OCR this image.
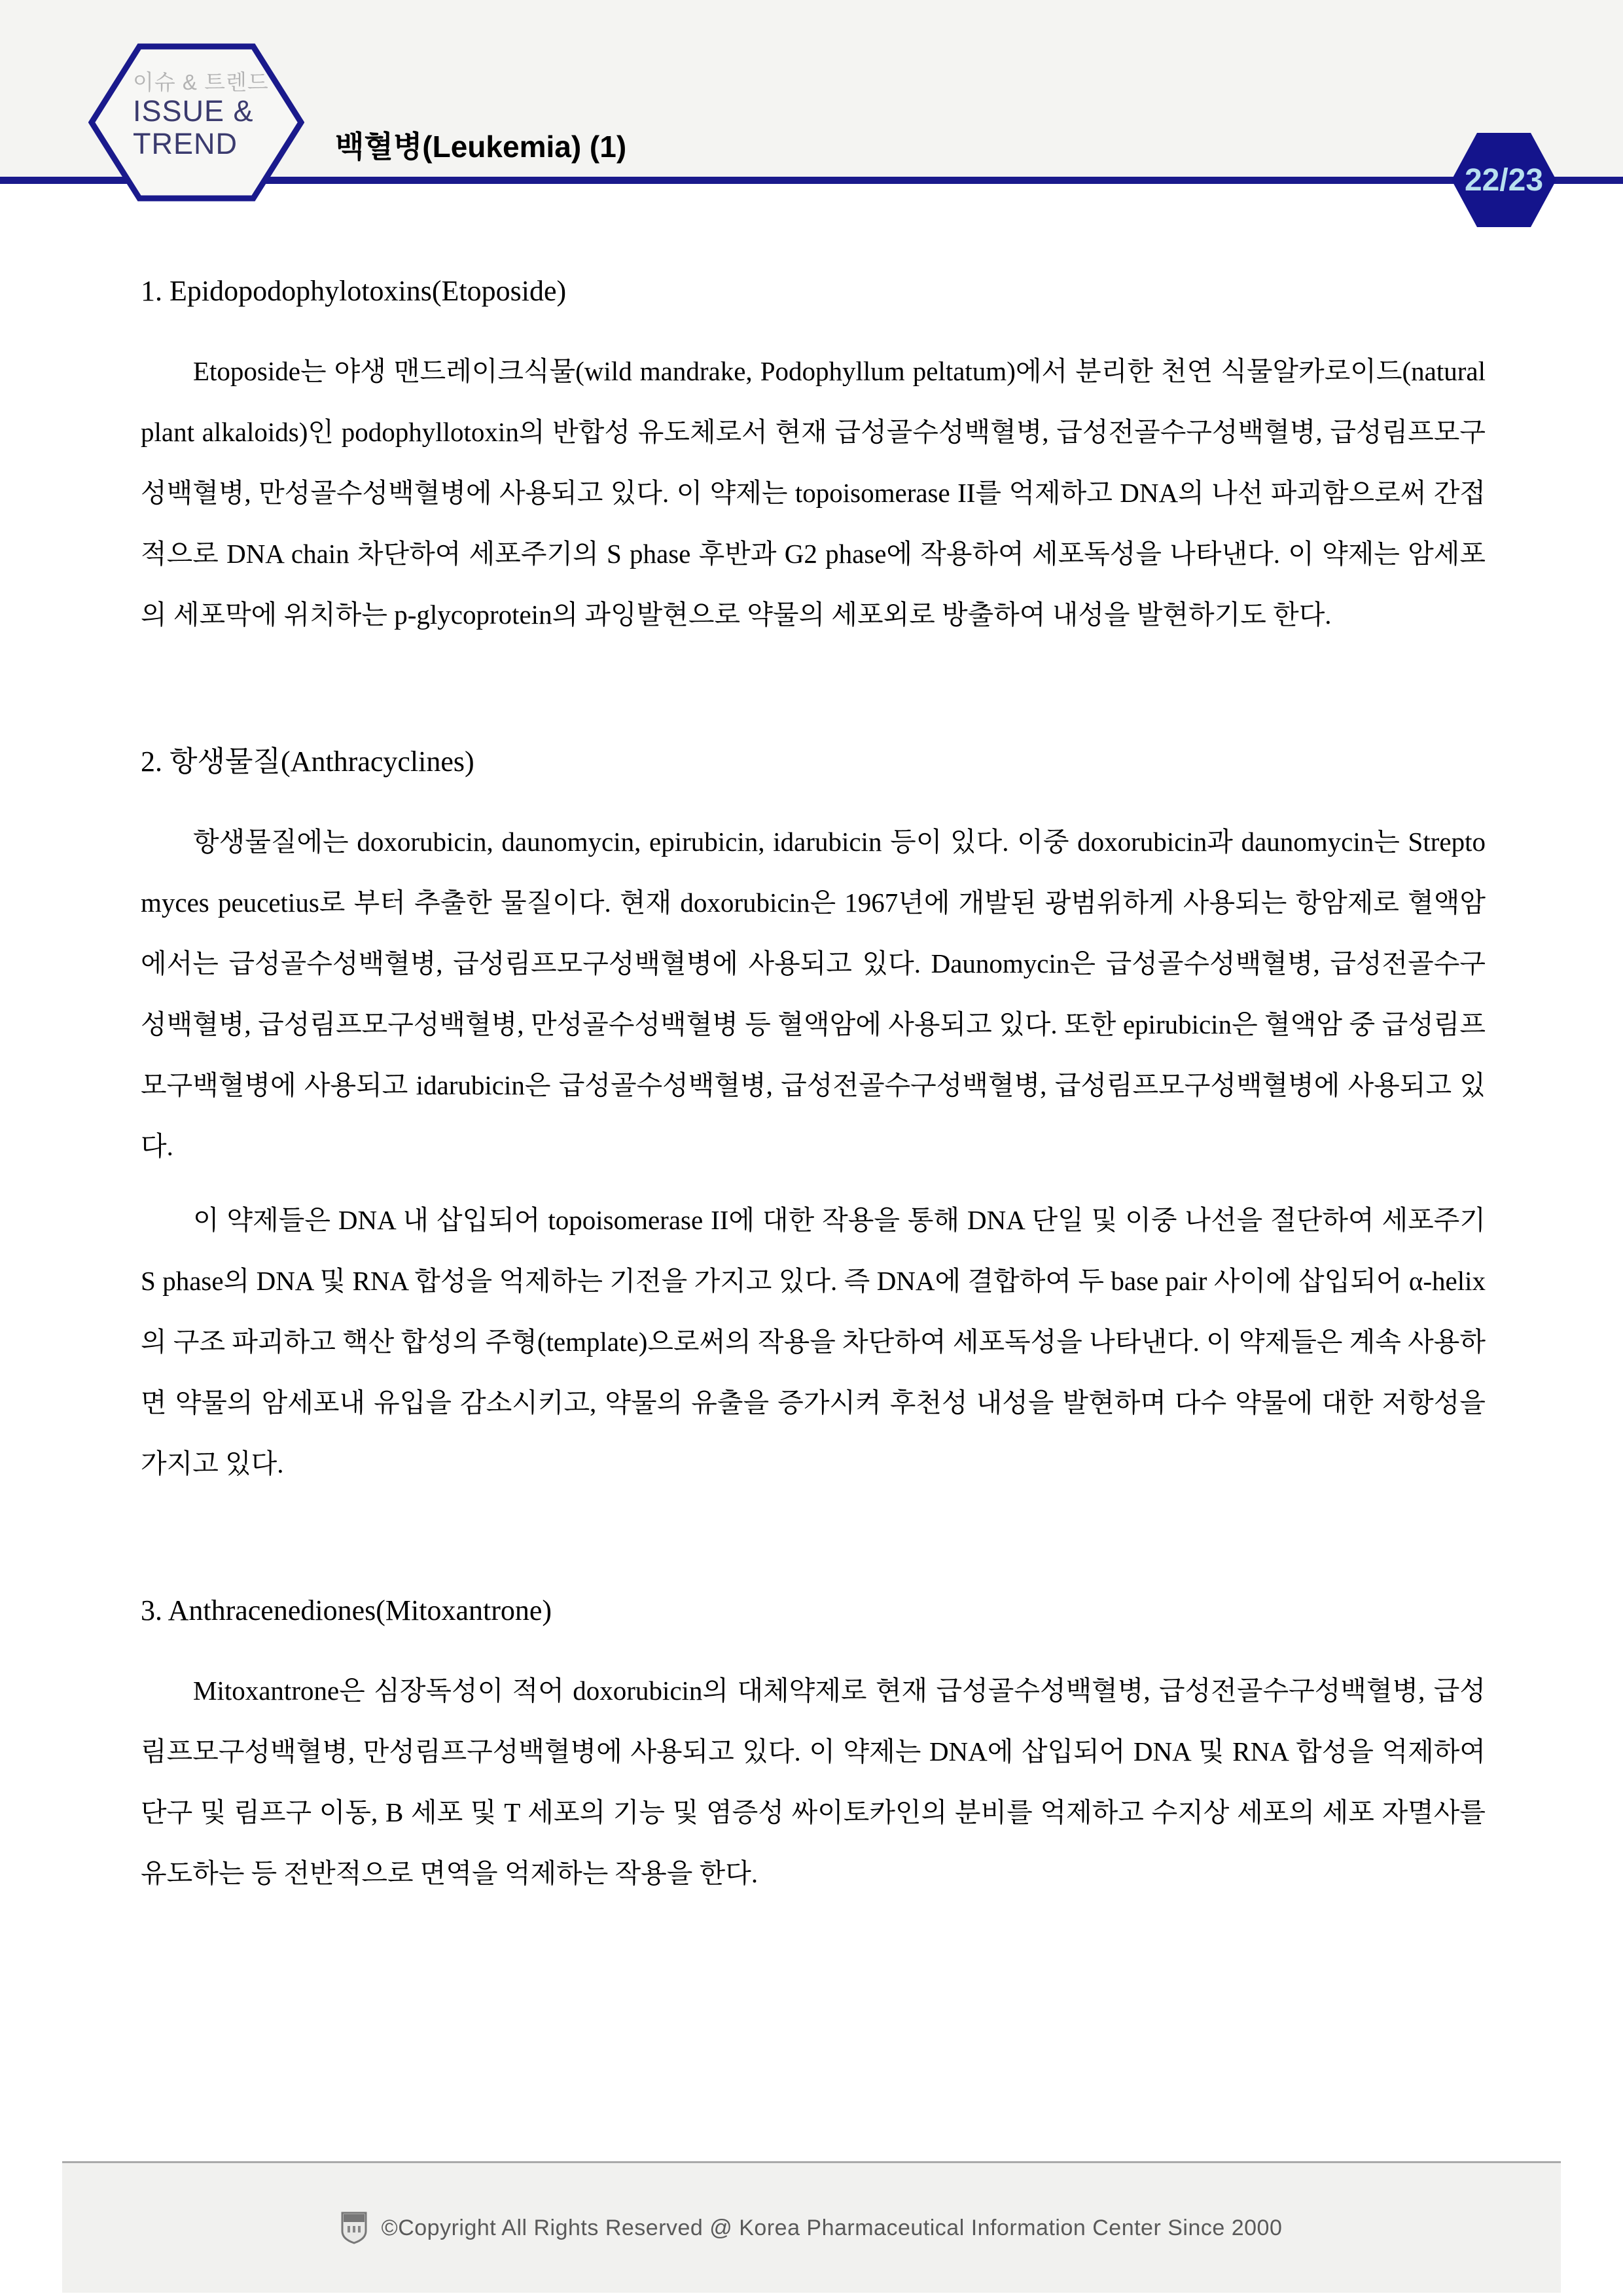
이슈 & 트렌드
ISSUE &
TREND	백혈병(Leukemia) (1)
22/23
1. Epidopodophylotoxins(Etoposide)

Etoposide는 야생 맨드레이크식물(wild mandrake, Podophyllum peltatum)에서 분리한 천연 식물알카로이드(natural plant alkaloids)인 podophyllotoxin의 반합성 유도체로서 현재 급성골수성백혈병, 급성전골수구성백혈병, 급성림프모구성백혈병, 만성골수성백혈병에 사용되고 있다. 이 약제는 topoisomerase II를 억제하고 DNA의 나선 파괴함으로써 간접적으로 DNA chain 차단하여 세포주기의 S phase 후반과 G2 phase에 작용하여 세포독성을 나타낸다. 이 약제는 암세포의 세포막에 위치하는 p-glycoprotein의 과잉발현으로 약물의 세포외로 방출하여 내성을 발현하기도 한다.

2. 항생물질(Anthracyclines)

항생물질에는 doxorubicin, daunomycin, epirubicin, idarubicin 등이 있다. 이중 doxorubicin과 daunomycin는 Streptomyces peucetius로 부터 추출한 물질이다. 현재 doxorubicin은 1967년에 개발된 광범위하게 사용되는 항암제로 혈액암에서는 급성골수성백혈병, 급성림프모구성백혈병에 사용되고 있다. Daunomycin은 급성골수성백혈병, 급성전골수구성백혈병, 급성림프모구성백혈병, 만성골수성백혈병 등 혈액암에 사용되고 있다. 또한 epirubicin은 혈액암 중 급성림프모구백혈병에 사용되고 idarubicin은 급성골수성백혈병, 급성전골수구성백혈병, 급성림프모구성백혈병에 사용되고 있다.

이 약제들은 DNA 내 삽입되어 topoisomerase II에 대한 작용을 통해 DNA 단일 및 이중 나선을 절단하여 세포주기 S phase의 DNA 및 RNA 합성을 억제하는 기전을 가지고 있다. 즉 DNA에 결합하여 두 base pair 사이에 삽입되어 α-helix의 구조 파괴하고 핵산 합성의 주형(template)으로써의 작용을 차단하여 세포독성을 나타낸다. 이 약제들은 계속 사용하면 약물의 암세포내 유입을 감소시키고, 약물의 유출을 증가시켜 후천성 내성을 발현하며 다수 약물에 대한 저항성을 가지고 있다.

3. Anthracenediones(Mitoxantrone)

Mitoxantrone은 심장독성이 적어 doxorubicin의 대체약제로 현재 급성골수성백혈병, 급성전골수구성백혈병, 급성림프모구성백혈병, 만성림프구성백혈병에 사용되고 있다. 이 약제는 DNA에 삽입되어 DNA 및 RNA 합성을 억제하여 단구 및 림프구 이동, B 세포 및 T 세포의 기능 및 염증성 싸이토카인의 분비를 억제하고 수지상 세포의 세포 자멸사를 유도하는 등 전반적으로 면역을 억제하는 작용을 한다.

©Copyright All Rights Reserved @ Korea Pharmaceutical Information Center Since 2000
